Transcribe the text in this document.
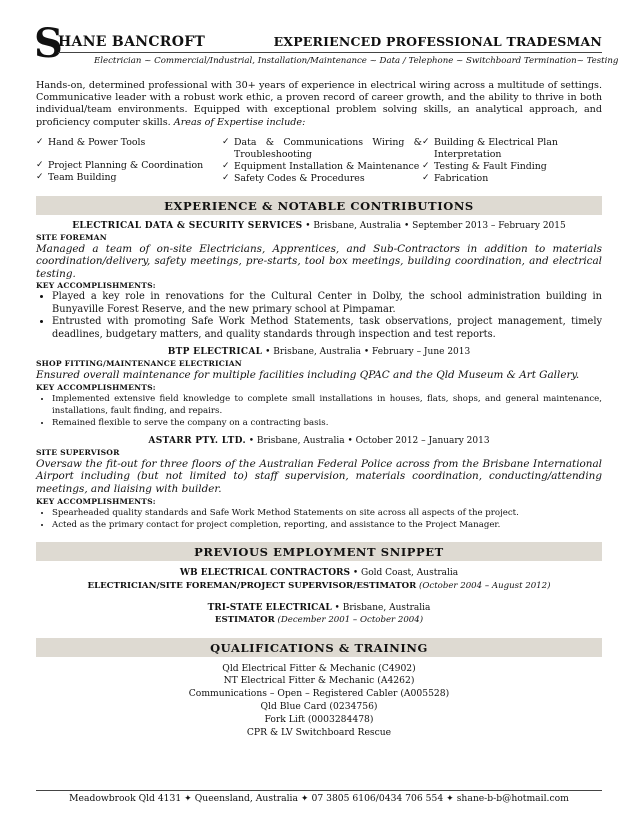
S
HANE BANCROFT	EXPERIENCED PROFESSIONAL TRADESMAN
Electrician ~ Commercial/Industrial, Installation/Maintenance ~ Data / Telephone ~ Switchboard Termination~ Testing

Hands-on, determined professional with 30+ years of experience in electrical wiring across a multitude of settings. Communicative leader with a robust work ethic, a proven record of career growth, and the ability to thrive in both individual/team environments. Equipped with exceptional problem solving skills, an analytical approach, and proficiency computer skills. Areas of Expertise include:

✓ Hand & Power Tools
✓ Project Planning & Coordination
✓ Team Building
✓ Data & Communications Wiring & Troubleshooting
✓ Equipment Installation & Maintenance
✓ Safety Codes & Procedures
✓ Building & Electrical Plan Interpretation
✓ Testing & Fault Finding
✓ Fabrication
EXPERIENCE & NOTABLE CONTRIBUTIONS
ELECTRICAL DATA & SECURITY SERVICES • Brisbane, Australia • September 2013 – February 2015
SITE FOREMAN
Managed a team of on-site Electricians, Apprentices, and Sub-Contractors in addition to materials coordination/delivery, safety meetings, pre-starts, tool box meetings, building coordination, and electrical testing.
KEY ACCOMPLISHMENTS:
• Played a key role in renovations for the Cultural Center in Dolby, the school administration building in Bunyaville Forest Reserve, and the new primary school at Pimpamar.
• Entrusted with promoting Safe Work Method Statements, task observations, project management, timely deadlines, budgetary matters, and quality standards through inspection and test reports.
BTP ELECTRICAL • Brisbane, Australia • February – June 2013
SHOP FITTING/MAINTENANCE ELECTRICIAN
Ensured overall maintenance for multiple facilities including QPAC and the Qld Museum & Art Gallery.
KEY ACCOMPLISHMENTS:
• Implemented extensive field knowledge to complete small installations in houses, flats, shops, and general maintenance, installations, fault finding, and repairs.
• Remained flexible to serve the company on a contracting basis.
ASTARR PTY. LTD. • Brisbane, Australia • October 2012 – January 2013
SITE SUPERVISOR
Oversaw the fit-out for three floors of the Australian Federal Police across from the Brisbane International Airport including (but not limited to) staff supervision, materials coordination, conducting/attending meetings, and liaising with builder.
KEY ACCOMPLISHMENTS:
• Spearheaded quality standards and Safe Work Method Statements on site across all aspects of the project.
• Acted as the primary contact for project completion, reporting, and assistance to the Project Manager.
PREVIOUS EMPLOYMENT SNIPPET
WB ELECTRICAL CONTRACTORS • Gold Coast, Australia
ELECTRICIAN/SITE FOREMAN/PROJECT SUPERVISOR/ESTIMATOR (October 2004 – August 2012)
TRI-STATE ELECTRICAL • Brisbane, Australia
ESTIMATOR (December 2001 – October 2004)
QUALIFICATIONS & TRAINING
Qld Electrical Fitter & Mechanic (C4902)
NT Electrical Fitter & Mechanic (A4262)
Communications – Open – Registered Cabler (A005528)
Qld Blue Card (0234756)
Fork Lift (0003284478)
CPR & LV Switchboard Rescue
Meadowbrook Qld 4131 ✦ Queensland, Australia ✦ 07 3805 6106/0434 706 554 ✦ shane-b-b@hotmail.com
